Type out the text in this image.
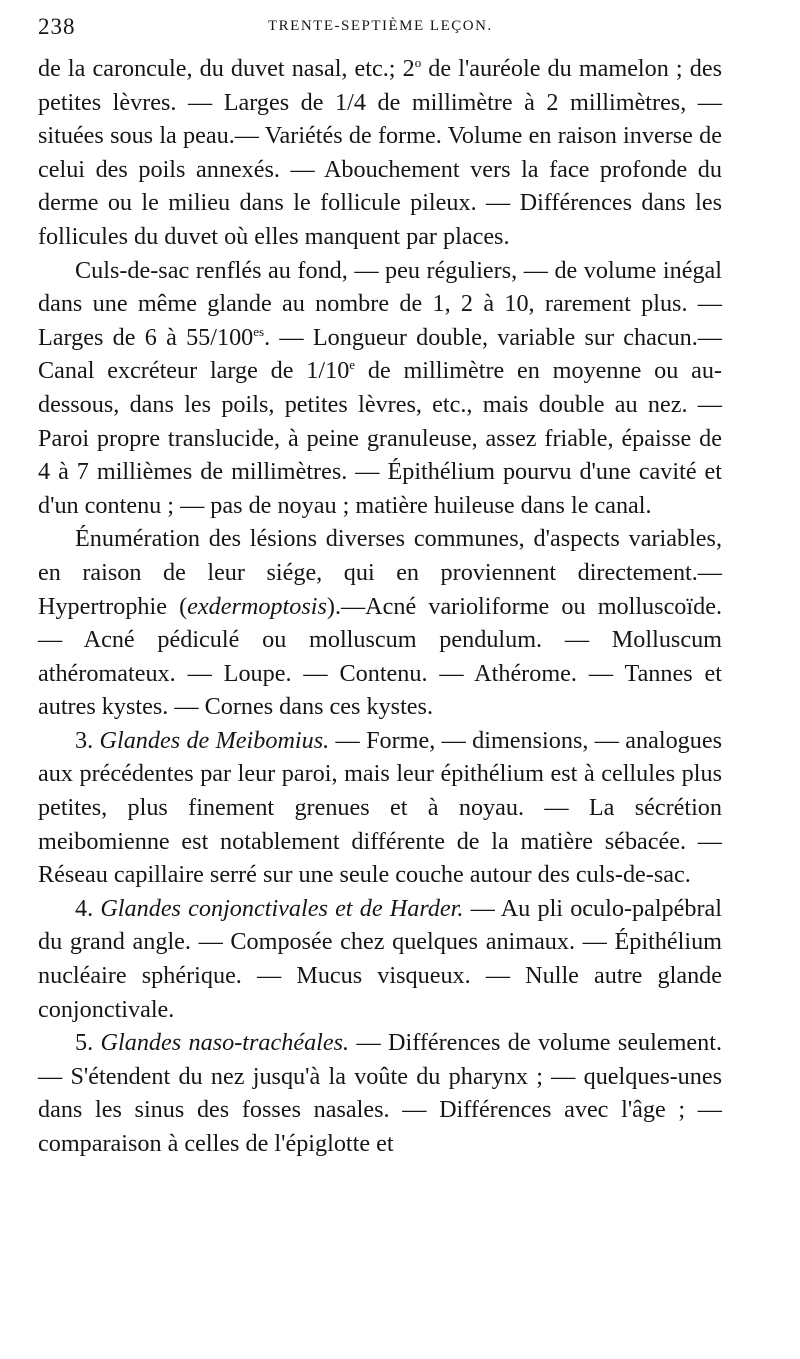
238	TRENTE-SEPTIÈME LEÇON.

de la caroncule, du duvet nasal, etc.; 2$^o$ de l'auréole du mamelon ; des petites lèvres. — Larges de 1/4 de millimètre à 2 millimètres, — situées sous la peau.— Variétés de forme. Volume en raison inverse de celui des poils annexés. — Abouchement vers la face profonde du derme ou le milieu dans le follicule pileux. — Différences dans les follicules du duvet où elles manquent par places.

Culs-de-sac renflés au fond, — peu réguliers, — de volume inégal dans une même glande au nombre de 1, 2 à 10, rarement plus. — Larges de 6 à $55/100^{es}$. — Longueur double, variable sur chacun.— Canal excréteur large de 1/10e de millimètre en moyenne ou au-dessous, dans les poils, petites lèvres, etc., mais double au nez. — Paroi propre translucide, à peine granuleuse, assez friable, épaisse de 4 à 7 millièmes de millimètres. — Épithélium pourvu d'une cavité et d'un contenu ; — pas de noyau ; matière huileuse dans le canal.

Énumération des lésions diverses communes, d'aspects variables, en raison de leur siége, qui en proviennent directement.— Hypertrophie (exdermoptosis).—Acné varioliforme ou molluscoïde. — Acné pédiculé ou molluscum pendulum. — Molluscum athéromateux. — Loupe. — Contenu. — Athérome. — Tannes et autres kystes. — Cornes dans ces kystes.

3. Glandes de Meibomius. — Forme, — dimensions, — analogues aux précédentes par leur paroi, mais leur épithélium est à cellules plus petites, plus finement grenues et à noyau. — La sécrétion meibomienne est notablement différente de la matière sébacée. — Réseau capillaire serré sur une seule couche autour des culs-de-sac.

4. Glandes conjonctivales et de Harder. — Au pli oculo-palpébral du grand angle. — Composée chez quelques animaux. — Épithélium nucléaire sphérique. — Mucus visqueux. — Nulle autre glande conjonctivale.

5. Glandes naso-trachéales. — Différences de volume seulement. — S'étendent du nez jusqu'à la voûte du pharynx ; — quelques-unes dans les sinus des fosses nasales. — Différences avec l'âge ; — comparaison à celles de l'épiglotte et
